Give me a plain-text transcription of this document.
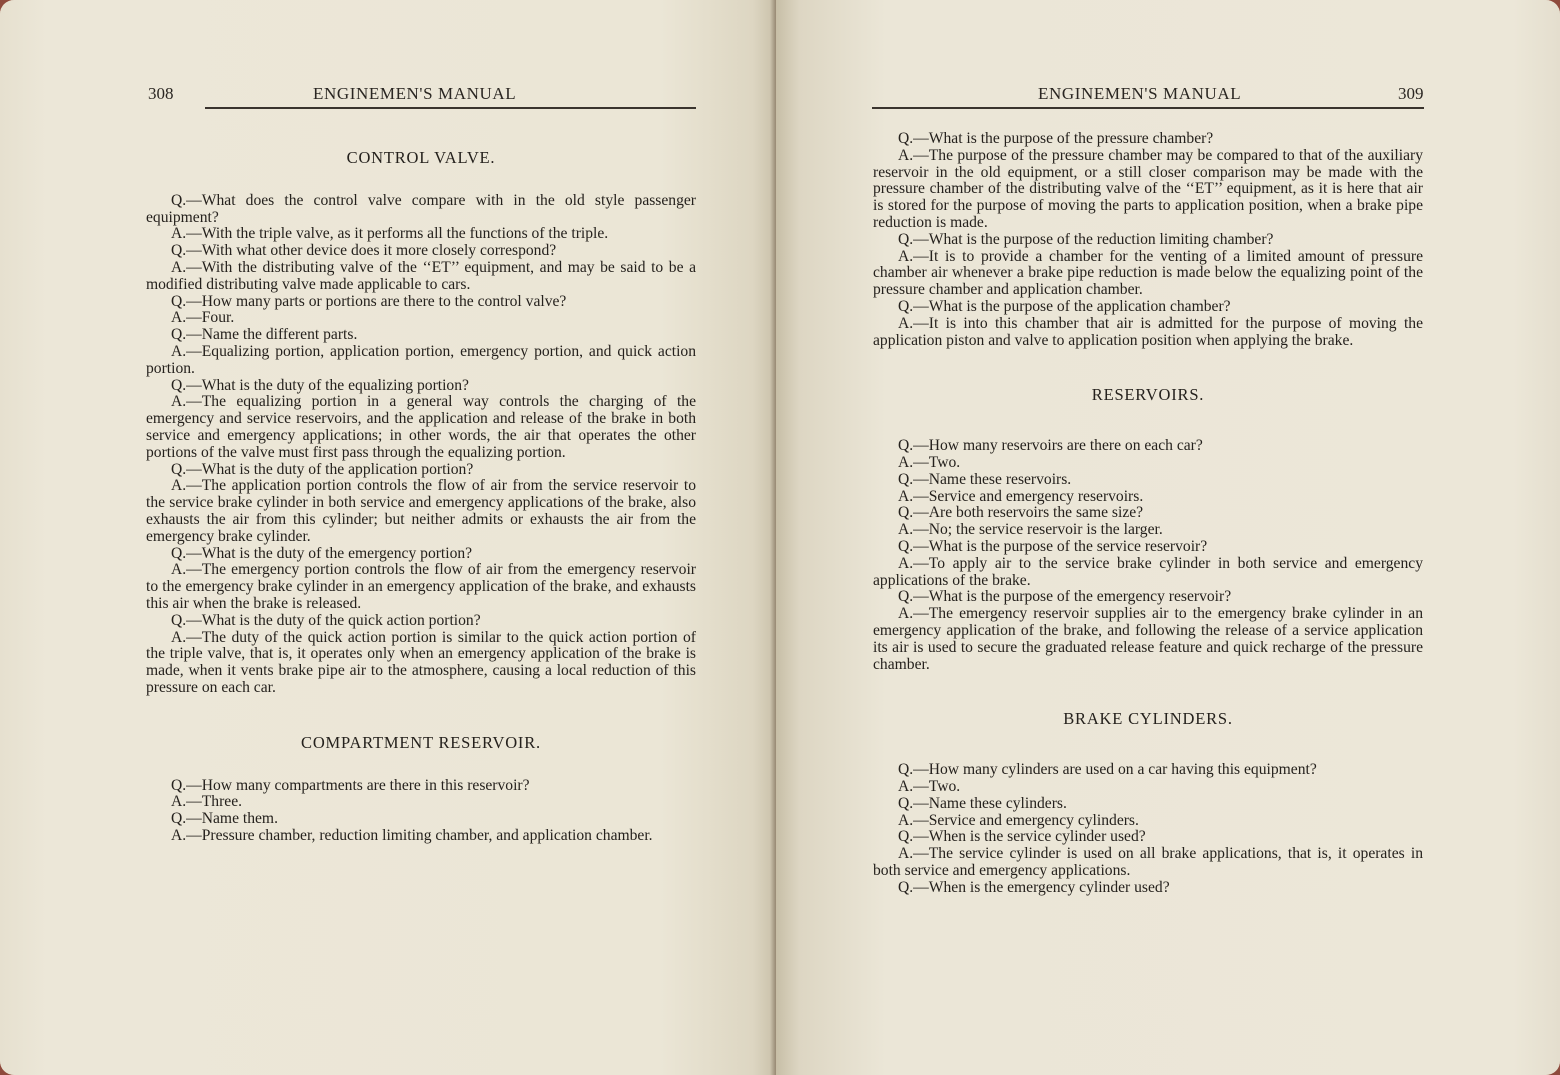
308	ENGINEMEN'S MANUAL

CONTROL VALVE.

Q.—What does the control valve compare with in the old style passenger equipment?

A.—With the triple valve, as it performs all the functions of the triple.

Q.—With what other device does it more closely correspond?

A.—With the distributing valve of the ‘‘ET’’ equipment, and may be said to be a modified distributing valve made applicable to cars.

Q.—How many parts or portions are there to the control valve?

A.—Four.

Q.—Name the different parts.

A.—Equalizing portion, application portion, emergency portion, and quick action portion.

Q.—What is the duty of the equalizing portion?

A.—The equalizing portion in a general way controls the charging of the emergency and service reservoirs, and the application and release of the brake in both service and emergency applications; in other words, the air that operates the other portions of the valve must first pass through the equalizing portion.

Q.—What is the duty of the application portion?

A.—The application portion controls the flow of air from the service reservoir to the service brake cylinder in both service and emergency applications of the brake, also exhausts the air from this cylinder; but neither admits or exhausts the air from the emergency brake cylinder.

Q.—What is the duty of the emergency portion?

A.—The emergency portion controls the flow of air from the emergency reservoir to the emergency brake cylinder in an emergency application of the brake, and exhausts this air when the brake is released.

Q.—What is the duty of the quick action portion?

A.—The duty of the quick action portion is similar to the quick action portion of the triple valve, that is, it operates only when an emergency application of the brake is made, when it vents brake pipe air to the atmosphere, causing a local reduction of this pressure on each car.

COMPARTMENT RESERVOIR.

Q.—How many compartments are there in this reservoir?

A.—Three.

Q.—Name them.

A.—Pressure chamber, reduction limiting chamber, and application chamber.

ENGINEMEN'S MANUAL	309

Q.—What is the purpose of the pressure chamber?

A.—The purpose of the pressure chamber may be compared to that of the auxiliary reservoir in the old equipment, or a still closer comparison may be made with the pressure chamber of the distributing valve of the ‘‘ET’’ equipment, as it is here that air is stored for the purpose of moving the parts to application position, when a brake pipe reduction is made.

Q.—What is the purpose of the reduction limiting chamber?

A.—It is to provide a chamber for the venting of a limited amount of pressure chamber air whenever a brake pipe reduction is made below the equalizing point of the pressure chamber and application chamber.

Q.—What is the purpose of the application chamber?

A.—It is into this chamber that air is admitted for the purpose of moving the application piston and valve to application position when applying the brake.

RESERVOIRS.

Q.—How many reservoirs are there on each car?

A.—Two.

Q.—Name these reservoirs.

A.—Service and emergency reservoirs.

Q.—Are both reservoirs the same size?

A.—No; the service reservoir is the larger.

Q.—What is the purpose of the service reservoir?

A.—To apply air to the service brake cylinder in both service and emergency applications of the brake.

Q.—What is the purpose of the emergency reservoir?

A.—The emergency reservoir supplies air to the emergency brake cylinder in an emergency application of the brake, and following the release of a service application its air is used to secure the graduated release feature and quick recharge of the pressure chamber.

BRAKE CYLINDERS.

Q.—How many cylinders are used on a car having this equipment?

A.—Two.

Q.—Name these cylinders.

A.—Service and emergency cylinders.

Q.—When is the service cylinder used?

A.—The service cylinder is used on all brake applications, that is, it operates in both service and emergency applications.

Q.—When is the emergency cylinder used?
